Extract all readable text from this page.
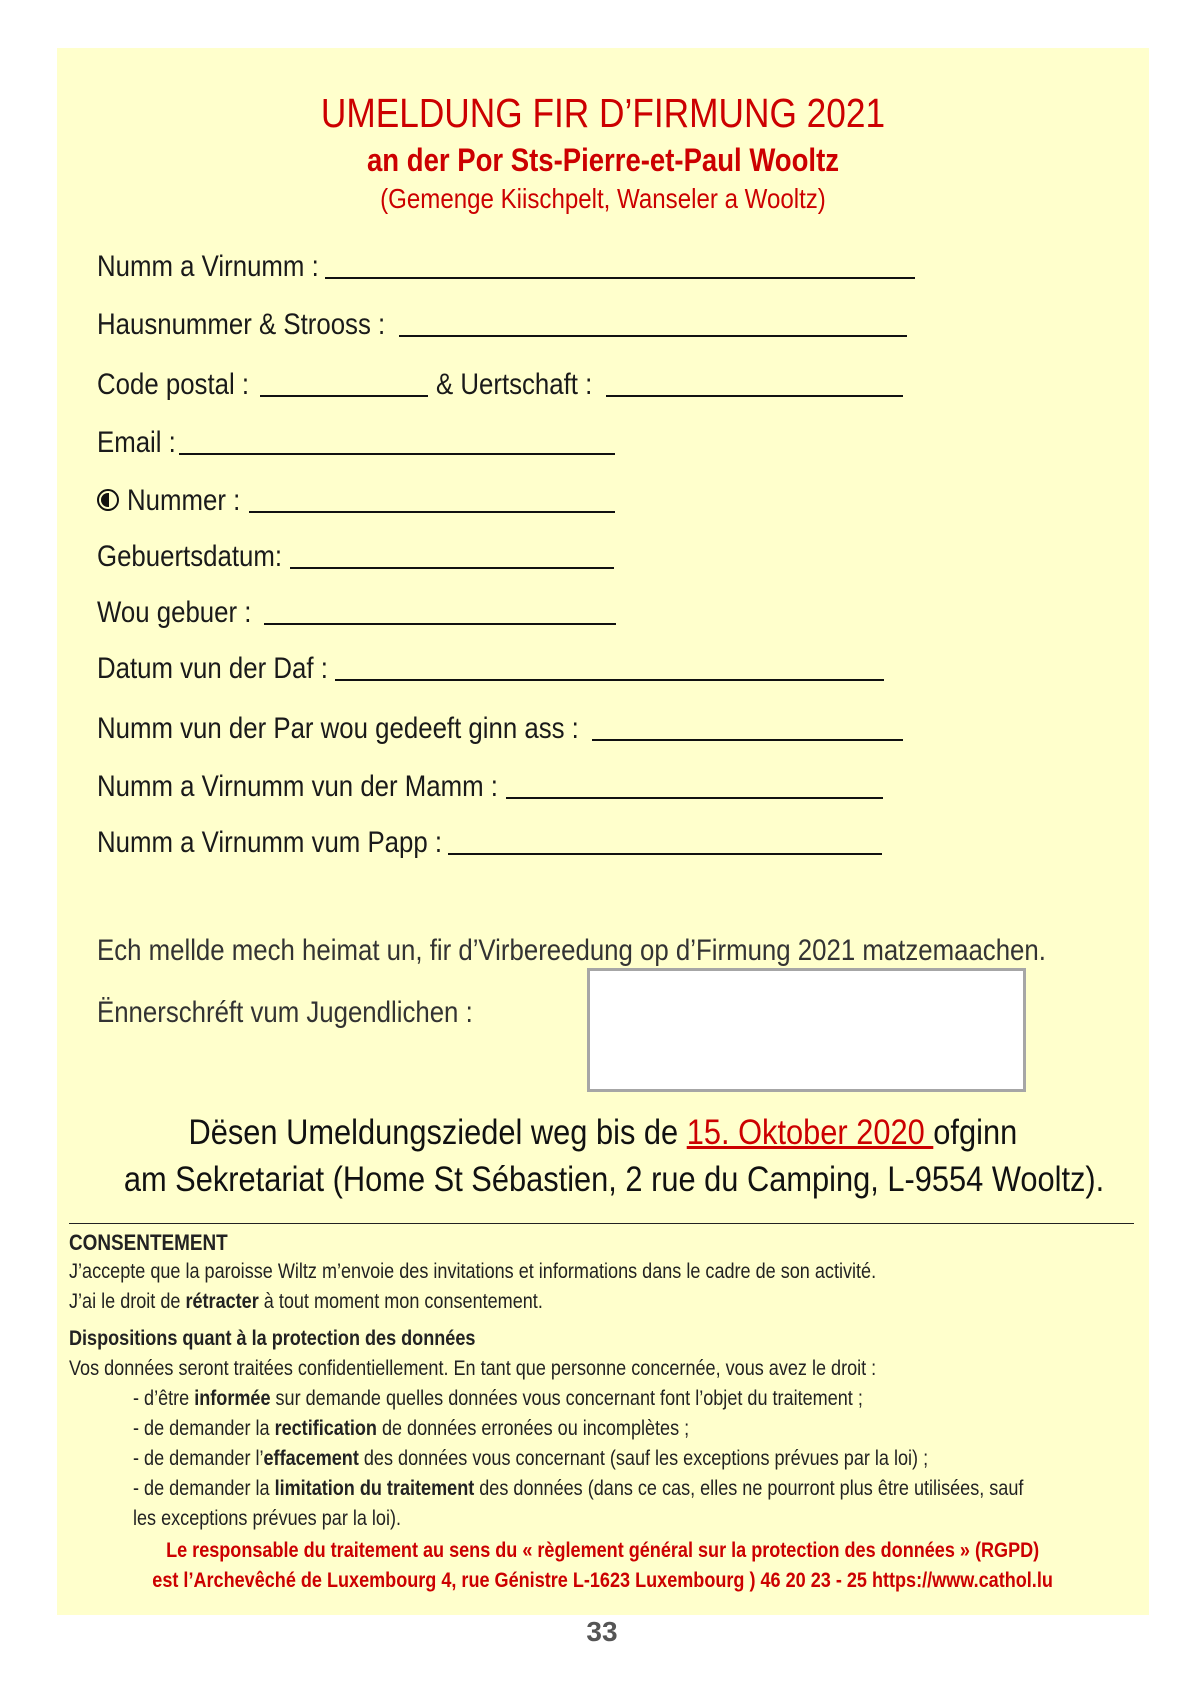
UMELDUNG FIR D’FIRMUNG 2021
an der Por Sts-Pierre-et-Paul Wooltz
(Gemenge Kiischpelt, Wanseler a Wooltz)
Numm a Virnumm :
Hausnummer & Strooss :
Code postal :	& Uertschaft :
Email :
Nummer :
Gebuertsdatum:
Wou gebuer :
Datum vun der Daf :
Numm vun der Par wou gedeeft ginn ass :
Numm a Virnumm vun der Mamm :
Numm a Virnumm vum Papp :
Ech mellde mech heimat un, fir d’Virbereedung op d’Firmung 2021 matzemaachen.
Ënnerschréft vum Jugendlichen :
Dësen Umeldungsziedel weg bis de 15. Oktober 2020 ofginn
am Sekretariat (Home St Sébastien, 2 rue du Camping, L-9554 Wooltz).
CONSENTEMENT
J’accepte que la paroisse Wiltz m’envoie des invitations et informations dans le cadre de son activité.
J’ai le droit de rétracter à tout moment mon consentement.
Dispositions quant à la protection des données
Vos données seront traitées confidentiellement. En tant que personne concernée, vous avez le droit :
- d’être informée sur demande quelles données vous concernant font l’objet du traitement ;
- de demander la rectification de données erronées ou incomplètes ;
- de demander l’effacement des données vous concernant (sauf les exceptions prévues par la loi) ;
- de demander la limitation du traitement des données (dans ce cas, elles ne pourront plus être utilisées, sauf
les exceptions prévues par la loi).
Le responsable du traitement au sens du « règlement général sur la protection des données » (RGPD)
est l’Archevêché de Luxembourg 4, rue Génistre L-1623 Luxembourg ) 46 20 23 - 25 https://www.cathol.lu
33
